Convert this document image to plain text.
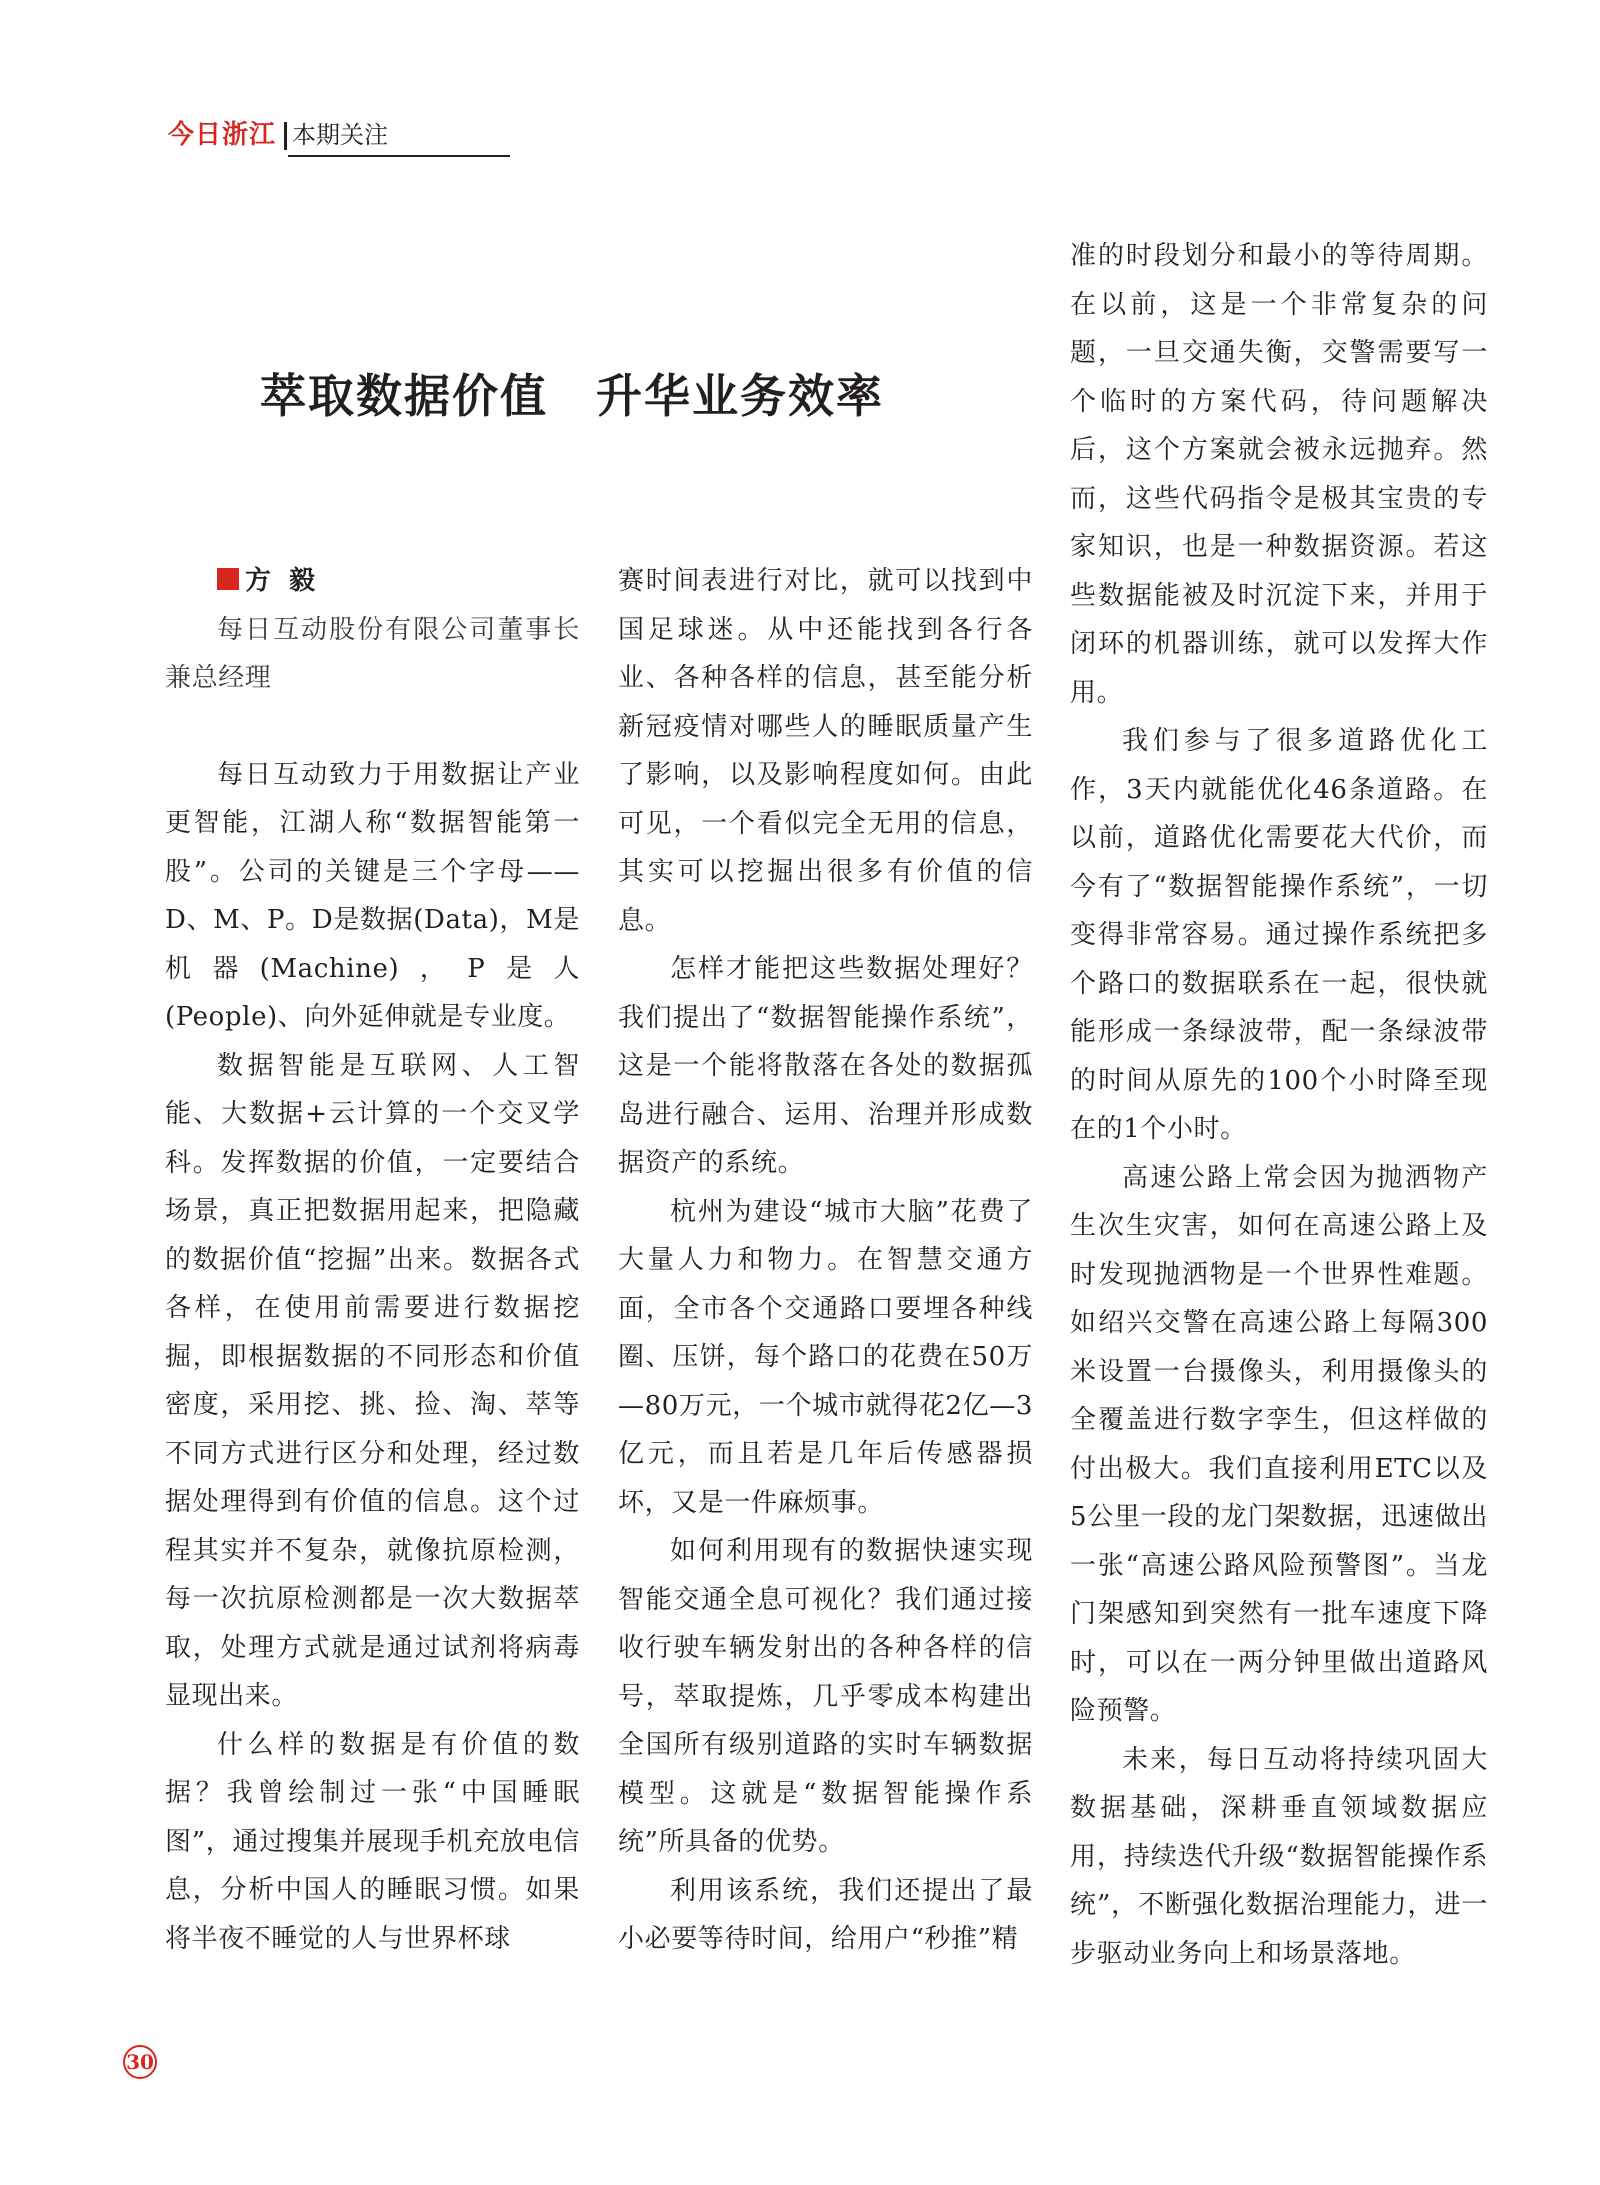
今日浙江 本期关注
萃取数据价值　升华业务效率

方毅

每日互动股份有限公司董事长兼总经理

每日互动致力于用数据让产业更智能，江湖人称“数据智能第一股”。公司的关键是三个字母——D、M、P。D是数据(Data)，M是机器(Machine)，P是人(People)、向外延伸就是专业度。

数据智能是互联网、人工智能、大数据+云计算的一个交叉学科。发挥数据的价值，一定要结合场景，真正把数据用起来，把隐藏的数据价值“挖掘”出来。数据各式各样，在使用前需要进行数据挖掘，即根据数据的不同形态和价值密度，采用挖、挑、捡、淘、萃等不同方式进行区分和处理，经过数据处理得到有价值的信息。这个过程其实并不复杂，就像抗原检测，每一次抗原检测都是一次大数据萃取，处理方式就是通过试剂将病毒显现出来。

什么样的数据是有价值的数据？我曾绘制过一张“中国睡眠图”，通过搜集并展现手机充放电信息，分析中国人的睡眠习惯。如果将半夜不睡觉的人与世界杯球

赛时间表进行对比，就可以找到中国足球迷。从中还能找到各行各业、各种各样的信息，甚至能分析新冠疫情对哪些人的睡眠质量产生了影响，以及影响程度如何。由此可见，一个看似完全无用的信息，其实可以挖掘出很多有价值的信息。

怎样才能把这些数据处理好？我们提出了“数据智能操作系统”，这是一个能将散落在各处的数据孤岛进行融合、运用、治理并形成数据资产的系统。

杭州为建设“城市大脑”花费了大量人力和物力。在智慧交通方面，全市各个交通路口要埋各种线圈、压饼，每个路口的花费在50万—80万元，一个城市就得花2亿—3亿元，而且若是几年后传感器损坏，又是一件麻烦事。

如何利用现有的数据快速实现智能交通全息可视化？我们通过接收行驶车辆发射出的各种各样的信号，萃取提炼，几乎零成本构建出全国所有级别道路的实时车辆数据模型。这就是“数据智能操作系统”所具备的优势。

利用该系统，我们还提出了最小必要等待时间，给用户“秒推”精

准的时段划分和最小的等待周期。在以前，这是一个非常复杂的问题，一旦交通失衡，交警需要写一个临时的方案代码，待问题解决后，这个方案就会被永远抛弃。然而，这些代码指令是极其宝贵的专家知识，也是一种数据资源。若这些数据能被及时沉淀下来，并用于闭环的机器训练，就可以发挥大作用。

我们参与了很多道路优化工作，3天内就能优化46条道路。在以前，道路优化需要花大代价，而今有了“数据智能操作系统”，一切变得非常容易。通过操作系统把多个路口的数据联系在一起，很快就能形成一条绿波带，配一条绿波带的时间从原先的100个小时降至现在的1个小时。

高速公路上常会因为抛洒物产生次生灾害，如何在高速公路上及时发现抛洒物是一个世界性难题。如绍兴交警在高速公路上每隔300米设置一台摄像头，利用摄像头的全覆盖进行数字孪生，但这样做的付出极大。我们直接利用ETC以及5公里一段的龙门架数据，迅速做出一张“高速公路风险预警图”。当龙门架感知到突然有一批车速度下降时，可以在一两分钟里做出道路风险预警。

未来，每日互动将持续巩固大数据基础，深耕垂直领域数据应用，持续迭代升级“数据智能操作系统”，不断强化数据治理能力，进一步驱动业务向上和场景落地。

30
